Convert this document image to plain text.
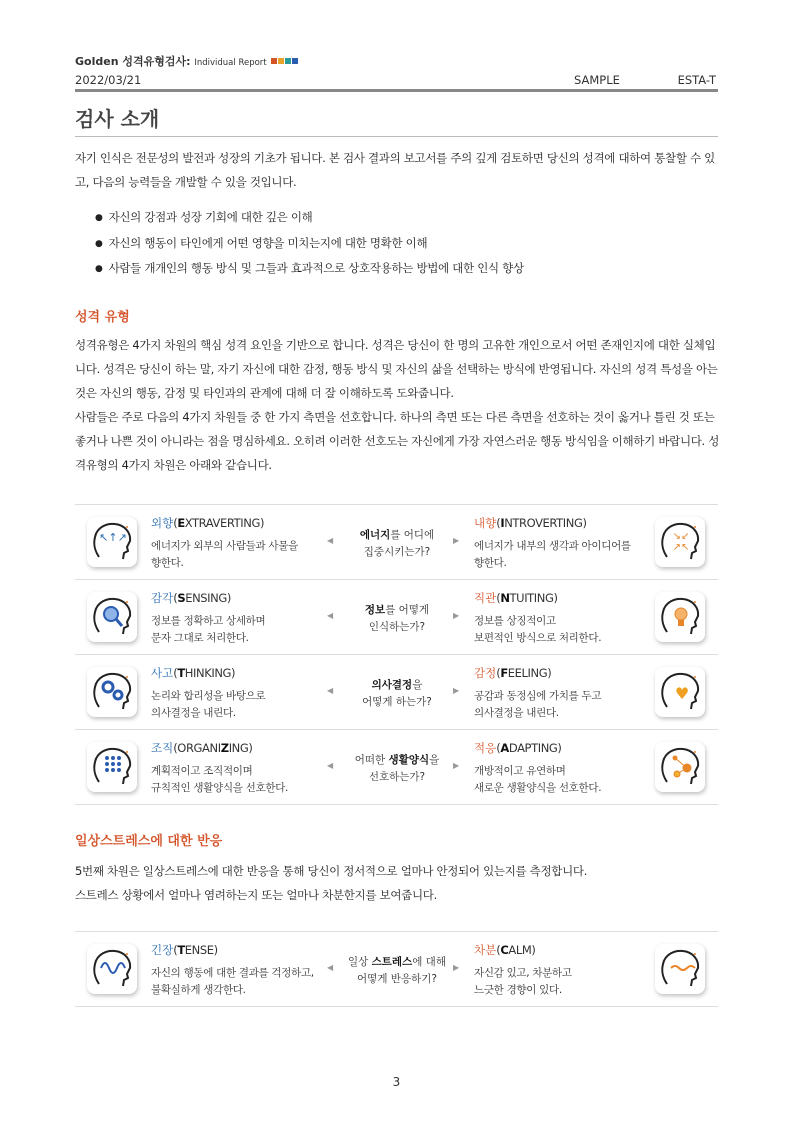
Golden 성격유형검사: Individual Report
2022/03/21	SAMPLE	ESTA-T
검사 소개
자기 인식은 전문성의 발전과 성장의 기초가 됩니다. 본 검사 결과의 보고서를 주의 깊게 검토하면 당신의 성격에 대하여 통찰할 수 있고, 다음의 능력들을 개발할 수 있을 것입니다.
● 자신의 강점과 성장 기회에 대한 깊은 이해
● 자신의 행동이 타인에게 어떤 영향을 미치는지에 대한 명확한 이해
● 사람들 개개인의 행동 방식 및 그들과 효과적으로 상호작용하는 방법에 대한 인식 향상
성격 유형
성격유형은 4가지 차원의 핵심 성격 요인을 기반으로 합니다. 성격은 당신이 한 명의 고유한 개인으로서 어떤 존재인지에 대한 실체입니다. 성격은 당신이 하는 말, 자기 자신에 대한 감정, 행동 방식 및 자신의 삶을 선택하는 방식에 반영됩니다. 자신의 성격 특성을 아는 것은 자신의 행동, 감정 및 타인과의 관계에 대해 더 잘 이해하도록 도와줍니다.
사람들은 주로 다음의 4가지 차원들 중 한 가지 측면을 선호합니다. 하나의 측면 또는 다른 측면을 선호하는 것이 옳거나 틀린 것 또는 좋거나 나쁜 것이 아니라는 점을 명심하세요. 오히려 이러한 선호도는 자신에게 가장 자연스러운 행동 방식임을 이해하기 바랍니다. 성격유형의 4가지 차원은 아래와 같습니다.
↖↑↗
외향(EXTRAVERTING)
에너지가 외부의 사람들과 사물을
향한다.
◀	에너지를 어디에
집중시키는가?
▶
내향(INTROVERTING)
에너지가 내부의 생각과 아이디어를
향한다.
↘↙
↗↖
감각(SENSING)
정보를 정확하고 상세하며
문자 그대로 처리한다.
◀	정보를 어떻게
인식하는가?
▶
직관(NTUITING)
정보를 상징적이고
보편적인 방식으로 처리한다.
사고(THINKING)
논리와 합리성을 바탕으로
의사결정을 내린다.
◀	의사결정을
어떻게 하는가?
▶
감정(FEELING)
공감과 동정심에 가치를 두고
의사결정을 내린다.
♥
조직(ORGANIZING)
계획적이고 조직적이며
규칙적인 생활양식을 선호한다.
◀	어떠한 생활양식을
선호하는가?
▶
적응(ADAPTING)
개방적이고 유연하며
새로운 생활양식을 선호한다.
일상스트레스에 대한 반응
5번째 차원은 일상스트레스에 대한 반응을 통해 당신이 정서적으로 얼마나 안정되어 있는지를 측정합니다.
스트레스 상황에서 얼마나 염려하는지 또는 얼마나 차분한지를 보여줍니다.
긴장(TENSE)
자신의 행동에 대한 결과를 걱정하고,
불확실하게 생각한다.
◀	일상 스트레스에 대해
어떻게 반응하기?
▶
차분(CALM)
자신감 있고, 차분하고
느긋한 경향이 있다.
3
